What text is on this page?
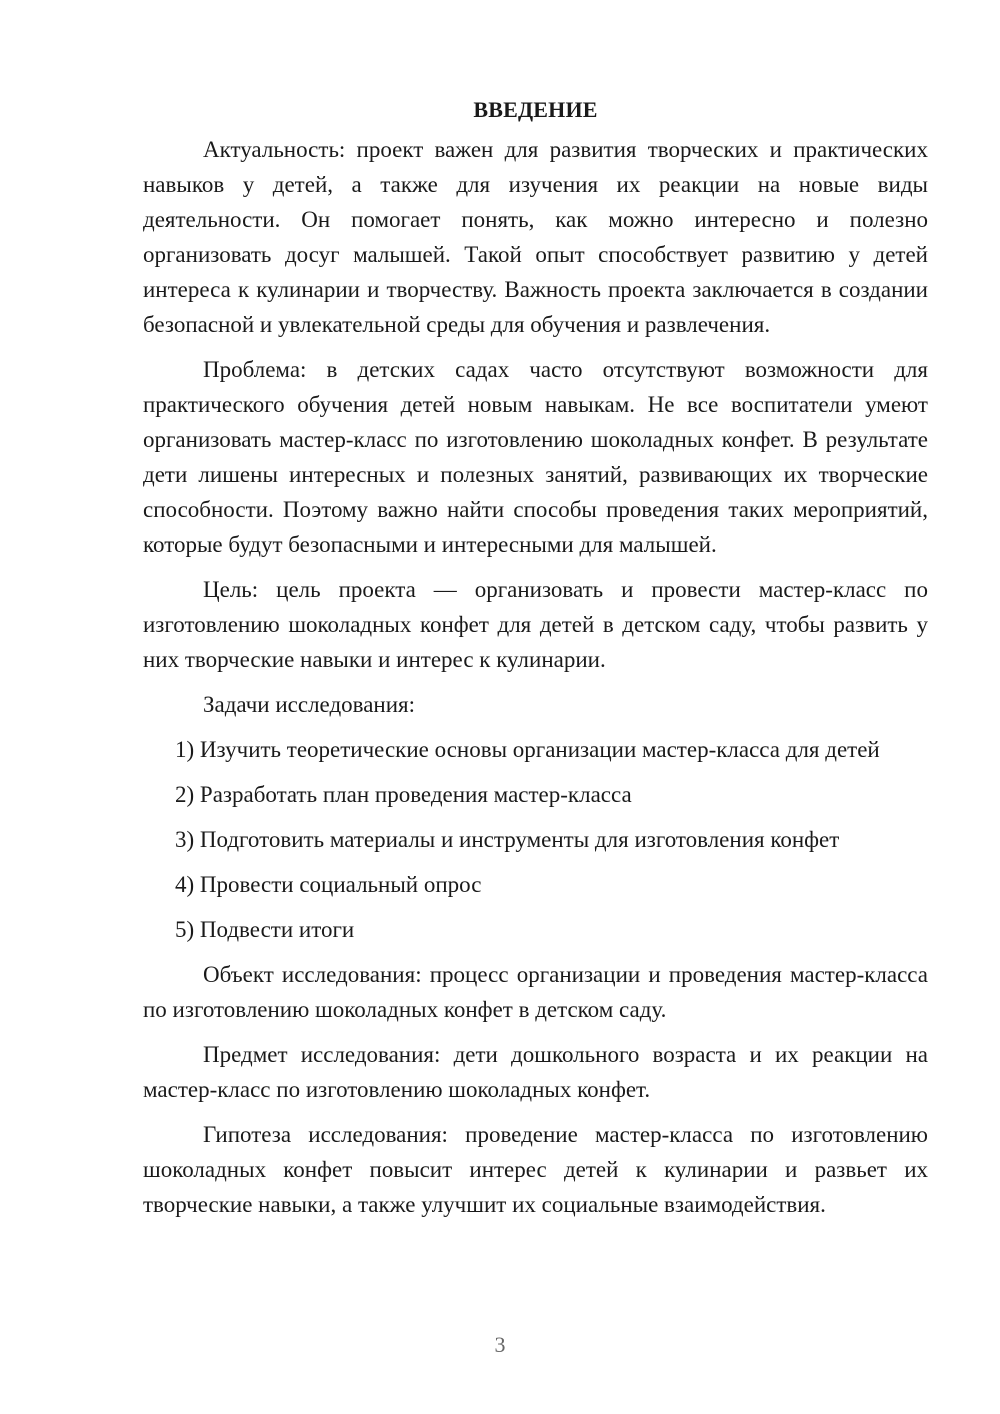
ВВЕДЕНИЕ

Актуальность: проект важен для развития творческих и практических навыков у детей, а также для изучения их реакции на новые виды деятельности. Он помогает понять, как можно интересно и полезно организовать досуг малышей. Такой опыт способствует развитию у детей интереса к кулинарии и творчеству. Важность проекта заключается в создании безопасной и увлекательной среды для обучения и развлечения.

Проблема: в детских садах часто отсутствуют возможности для практического обучения детей новым навыкам. Не все воспитатели умеют организовать мастер-класс по изготовлению шоколадных конфет. В результате дети лишены интересных и полезных занятий, развивающих их творческие способности. Поэтому важно найти способы проведения таких мероприятий, которые будут безопасными и интересными для малышей.

Цель: цель проекта — организовать и провести мастер-класс по изготовлению шоколадных конфет для детей в детском саду, чтобы развить у них творческие навыки и интерес к кулинарии.

Задачи исследования:

1) Изучить теоретические основы организации мастер-класса для детей

2) Разработать план проведения мастер-класса

3) Подготовить материалы и инструменты для изготовления конфет

4) Провести социальный опрос

5) Подвести итоги

Объект исследования: процесс организации и проведения мастер-класса по изготовлению шоколадных конфет в детском саду.

Предмет исследования: дети дошкольного возраста и их реакции на мастер-класс по изготовлению шоколадных конфет.

Гипотеза исследования: проведение мастер-класса по изготовлению шоколадных конфет повысит интерес детей к кулинарии и развьет их творческие навыки, а также улучшит их социальные взаимодействия.

3
